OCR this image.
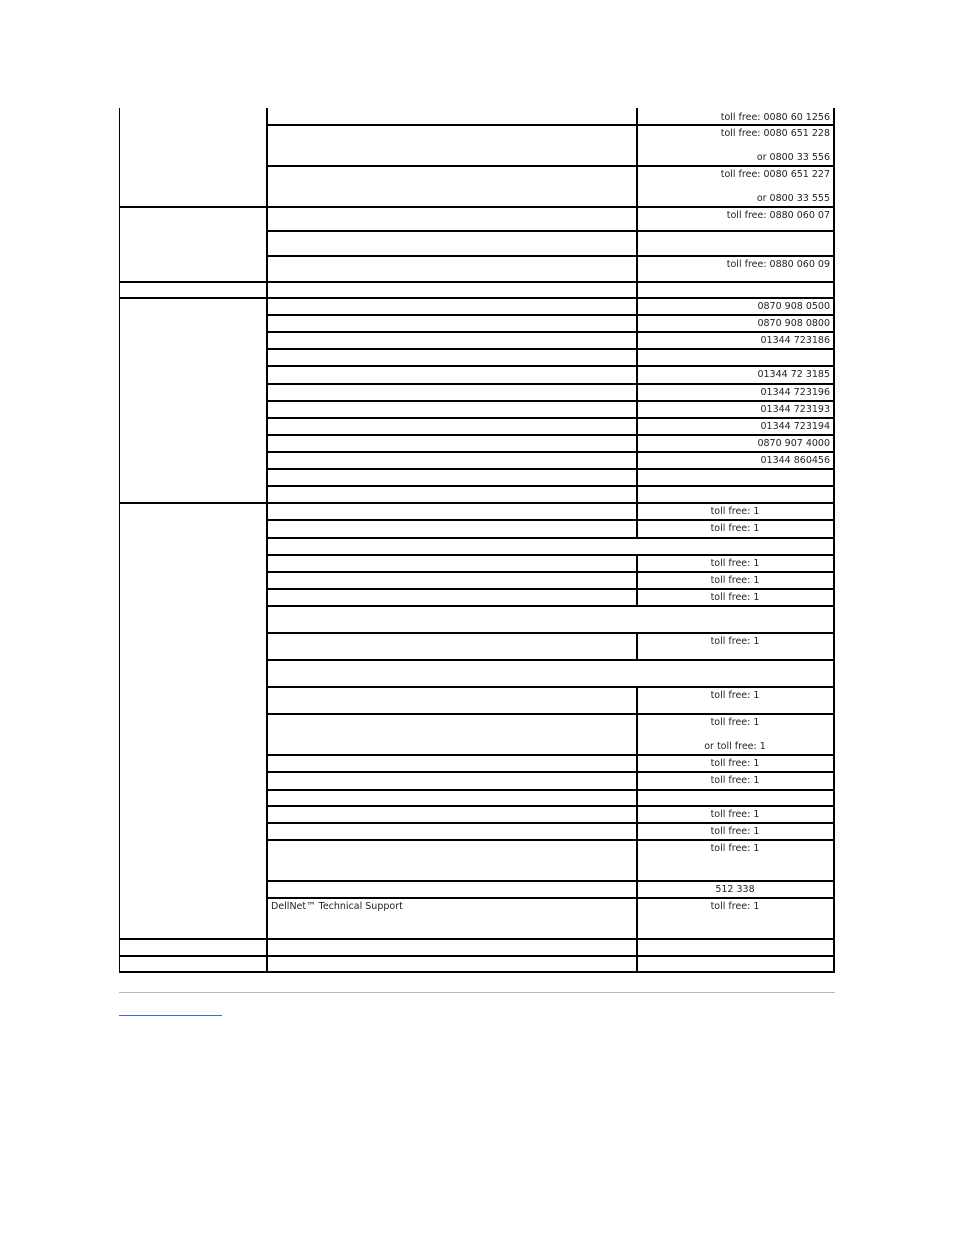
toll free: 0080 60 1256
toll free: 0080 651 228
or 0800 33 556
toll free: 0080 651 227
or 0800 33 555
toll free: 0880 060 07
toll free: 0880 060 09
0870 908 0500
0870 908 0800
01344 723186
01344 72 3185
01344 723196
01344 723193
01344 723194
0870 907 4000
01344 860456
toll free: 1
toll free: 1
toll free: 1
toll free: 1
toll free: 1
toll free: 1
toll free: 1
toll free: 1
or toll free: 1
toll free: 1
toll free: 1
toll free: 1
toll free: 1
toll free: 1
512 338
DellNet™ Technical Support	toll free: 1
